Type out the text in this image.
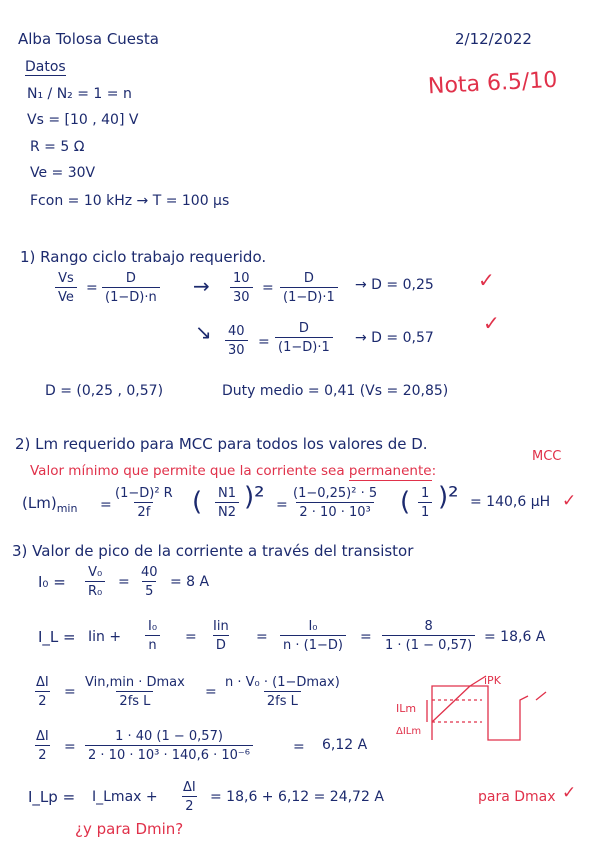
Alba Tolosa Cuesta	2/12/2022
Nota 6.5/10
Datos
N₁ / N₂ = 1 = n
Vs = [10 , 40] V
R = 5 Ω
Ve = 30V
Fcon = 10 kHz → T = 100 µs
1) Rango ciclo trabajo requerido.
$\frac{Vs}{Ve} = \frac{D}{(1-D)\cdot n} \to \frac{10}{30} = \frac{D}{(1-D)\cdot 1} \to D = 0,25$ ✓
↘ $\frac{40}{30} = \frac{D}{(1-D)\cdot 1} \to D = 0,57$
✓
D = (0,25 , 0,57)	Duty medio = 0,41 (Vs = 20,85)
2) Lm requerido para MCC para todos los valores de D.
MCC
Valor mínimo que permite que la corriente sea permanente:
$(Lm)_{min} = \frac{\text{(1−D)² R}}{2f}$ ( $\frac{N1}{N2} )^2 = \frac{\text{(1−0,25)² · 5}}{\text{2 · 10 · 10³}}$ ( $\frac{1}{1} )^2 = 140,6$ µH ✓
3) Valor de pico de la corriente a través del transistor
$I_0 = \frac{\text{V₀}}{\text{R₀}} = \frac{40}{5} = 8$ A
I_L = Iin + $\frac{\text{I₀}}{n}$ =
Iin
D
= $\frac{\text{I₀}}{n \cdot (1-D)} = \frac{8}{1 \cdot (1 - 0,57)} = 18,6$ A
$\frac{\Delta I}{2}$ =
Vin,min · Dmax
2fs L
=
n · V₀ · (1−Dmax)
2fs L
$\frac{\Delta I}{2} = \frac{1 \cdot 40 (1 - 0,57)}{\text{2 · 10 · 10³ · 140,6 · 10⁻⁶}}$	= 6,12 A
I_Lp = I_Lmax + $\frac{\Delta I}{2} = 18,6 + 6,12 = 24,72$ A	para Dmax ✓
¿y para Dmin?
iPK
ILm
ΔILm
